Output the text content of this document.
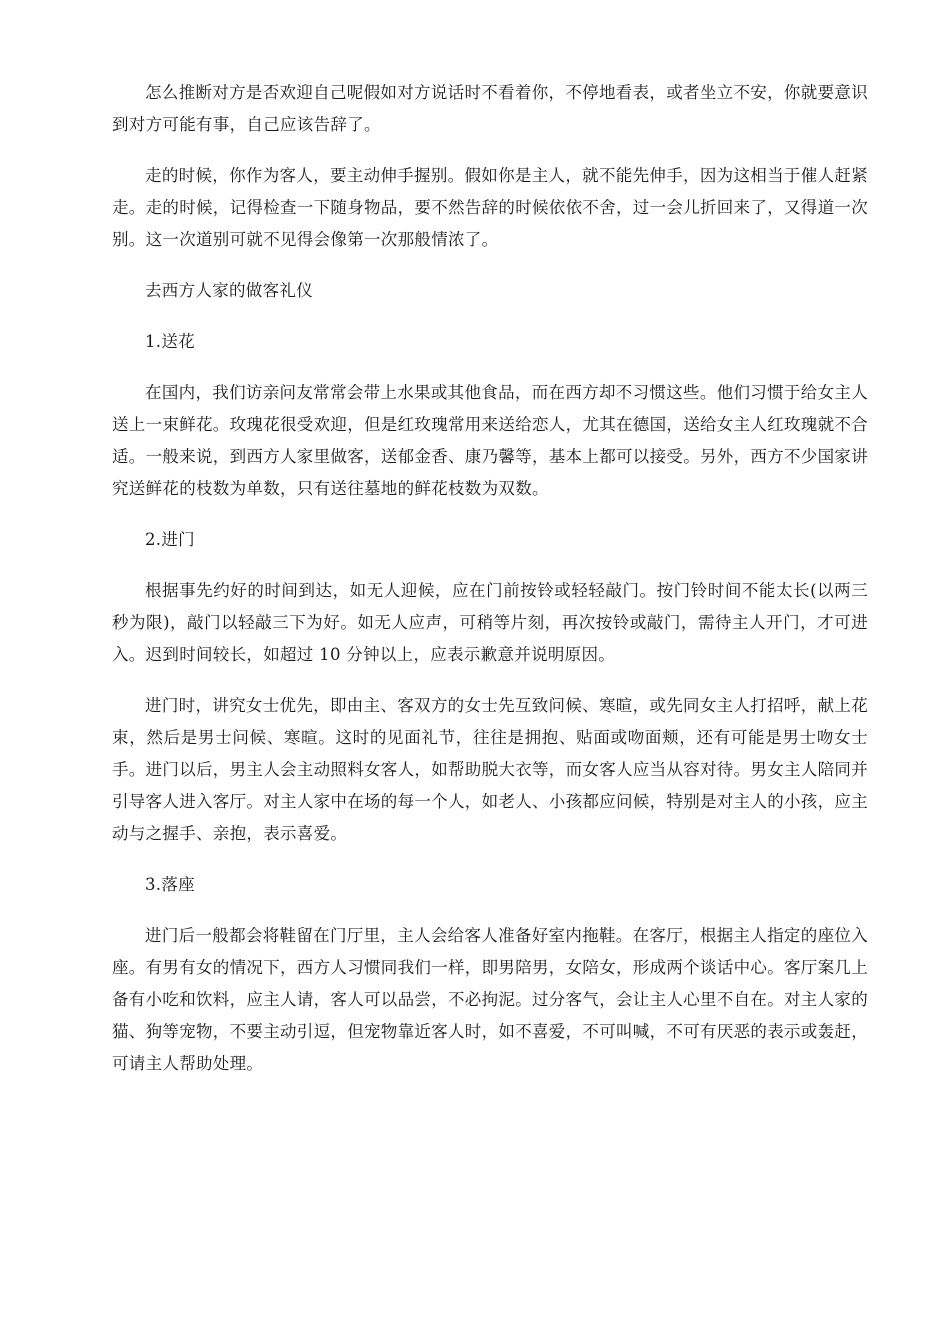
怎么推断对方是否欢迎自己呢假如对方说话时不看着你，不停地看表，或者坐立不安，你就要意识到对方可能有事，自己应该告辞了。

走的时候，你作为客人，要主动伸手握别。假如你是主人，就不能先伸手，因为这相当于催人赶紧走。走的时候，记得检查一下随身物品，要不然告辞的时候依依不舍，过一会儿折回来了，又得道一次别。这一次道别可就不见得会像第一次那般情浓了。

去西方人家的做客礼仪

1.送花

在国内，我们访亲问友常常会带上水果或其他食品，而在西方却不习惯这些。他们习惯于给女主人送上一束鲜花。玫瑰花很受欢迎，但是红玫瑰常用来送给恋人，尤其在德国，送给女主人红玫瑰就不合适。一般来说，到西方人家里做客，送郁金香、康乃馨等，基本上都可以接受。另外，西方不少国家讲究送鲜花的枝数为单数，只有送往墓地的鲜花枝数为双数。

2.进门

根据事先约好的时间到达，如无人迎候，应在门前按铃或轻轻敲门。按门铃时间不能太长(以两三秒为限)，敲门以轻敲三下为好。如无人应声，可稍等片刻，再次按铃或敲门，需待主人开门，才可进入。迟到时间较长，如超过 10 分钟以上，应表示歉意并说明原因。

进门时，讲究女士优先，即由主、客双方的女士先互致问候、寒暄，或先同女主人打招呼，献上花束，然后是男士问候、寒暄。这时的见面礼节，往往是拥抱、贴面或吻面颊，还有可能是男士吻女士手。进门以后，男主人会主动照料女客人，如帮助脱大衣等，而女客人应当从容对待。男女主人陪同并引导客人进入客厅。对主人家中在场的每一个人，如老人、小孩都应问候，特别是对主人的小孩，应主动与之握手、亲抱，表示喜爱。

3.落座

进门后一般都会将鞋留在门厅里，主人会给客人准备好室内拖鞋。在客厅，根据主人指定的座位入座。有男有女的情况下，西方人习惯同我们一样，即男陪男，女陪女，形成两个谈话中心。客厅案几上备有小吃和饮料，应主人请，客人可以品尝，不必拘泥。过分客气，会让主人心里不自在。对主人家的猫、狗等宠物，不要主动引逗，但宠物靠近客人时，如不喜爱，不可叫喊，不可有厌恶的表示或轰赶，可请主人帮助处理。
